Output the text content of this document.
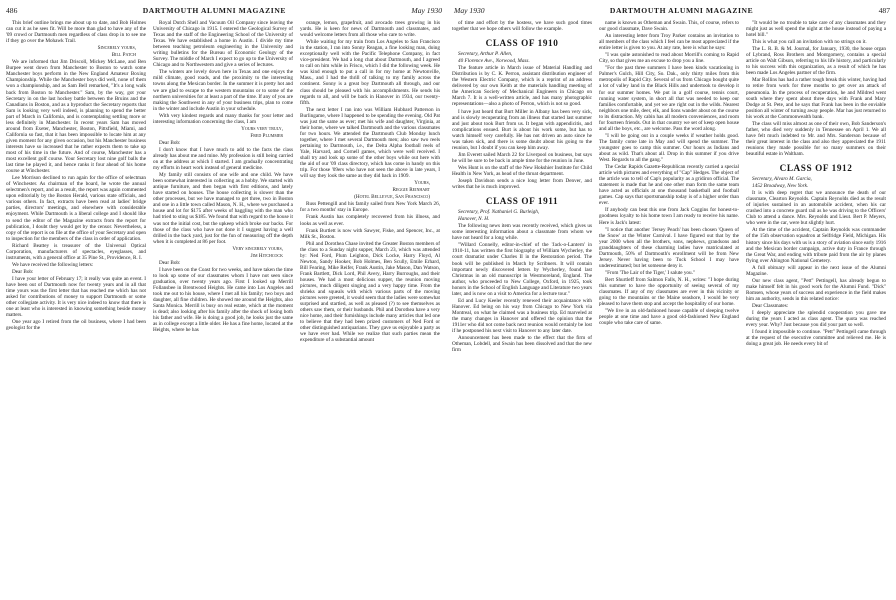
486	DARTMOUTH ALUMNI MAGAZINE	May 1930

This brief outline brings me about up to date, and Bob Holmes can cut it as he sees fit. Will be more than glad to have any of the '09 crowd or Dartmouth men regardless of class drop in to see me if they go over the Mohawk Trail.

Sincerely yours,

Bill Patch

We are informed that Jim Driscoll, Mickey McLane, and Ben Burpee went down from Manchester to Boston to watch some Manchester boys perform in the New England Amateur Boxing Championship. While the Manchester boys did well, none of them won a championship, and as Sam Bell remarked, "It's a long walk back from Boston to Manchester." Sam, by the way, got your Secretary in on the last hockey battle between the Bruins and the Canadians in Boston, and as a byproduct the Secretary reports that Sam is looking very well indeed, is planning to spend the better part of March in California, and is contemplating settling more or less definitely in Manchester. In recent years Sam has moved around from Exeter, Manchester, Boston, Pittsfield, Miami, and California so fast, that it has been impossible to locate him at any given moment for any given occasion, but his Manchester business interests have so increased that he rather expects them to take up most of his time in the future. And of course, Manchester has a most excellent golf course. Your Secretary lost nine golf balls the last time he played it, and hence ranks it four ahead of his home course at Winchester.

Lee Morrison declined to run again for the office of selectman of Winchester. As chairman of the board, he wrote the annual selectmen's report, and as a result, the report was again commented upon editorially by the Boston Herald, various state officials, and various others. In fact, extracts have been read at ladies' bridge parties, directors' meetings, and elsewhere with considerable enjoyment. While Dartmouth is a liberal college and I should like to send the editor of the Magazine extracts from the report for publication, I doubt they would get by the censor. Nevertheless, a copy of the report is on file at the office of your Secretary and open to inspection for the members of the class in order of application.

Richard Beattey is treasurer of the Universal Optical Corporation, manufacturers of spectacles, eyeglasses, and instruments, with a general office at 35 Pine St., Providence, R. I.

We have received the following letters:

Dear Bob:

I have your letter of February 17; it really was quite an event. I have been out of Dartmouth now for twenty years and in all that time yours was the first letter that has reached me which has not asked for contributions of money to support Dartmouth or some other collegiate activity. It is very nice indeed to know that there is one at least who is interested in knowing something beside money matters.

One year ago I retired from the oil business, where I had been geologist for the

Royal Dutch Shell and Vacuum Oil Company since leaving the University of Chicago in 1915. I entered the Geological Survey of Texas and the staff of the Engineering School of the University of Texas. We have established a home in Austin. I divide my time between teaching petroleum engineering in the University and writing bulletins for the Bureau of Economic Geology of the Survey. The middle of March I expect to go up to the University of Chicago and to Northwestern and give a series of lectures.

The winters are lovely down here in Texas and one enjoys the mild climate, good roads, and the proximity to the interesting towns along the Mexican border. In the summer it is pretty hot and we are glad to escape to the western mountains or to some of the northern universities for at least a part of the time. If any of you are making the Southwest in any of your business trips, plan to come in the winter and include Austin in your schedule.

With very kindest regards and many thanks for your letter and interesting information concerning the class, I am

Yours very truly,

Fred Plummer

Dear Bob:

I don't know that I have much to add to the facts the class already has about me and mine. My profession is still being carried on at the address at which I started. I am gradually concentrating my efforts in heart work instead of general medicine.

My family still consists of one wife and one child. We have been somewhat interested in collecting as a hobby. We started with antique furniture, and then began with first editions, and lately have started on houses. The house collecting is slower than the other processes, but we have managed to get three, two in Boston and one in a little town called Mason, N. H., where we purchased a house and lot for $175 after weeks of haggling with the man who had tried to sting us $185. We found that with regard to the house it was not the initial cost, but the upkeep which broke our backs. For those of the class who have not done it I suggest having a well drilled in the back yard, just for the fun of measuring off the depth when it is completed at 86 per foot.

Very sincerely yours,

Jim Hitchcock

Dear Bob:

I have been on the Coast for two weeks, and have taken the time to look up some of our classmates whom I have not seen since graduation, over twenty years ago. First I looked up Merrill Follansbee in Brentwood Heights. He came into Los Angeles and took me out to his house, where I met all his family; two boys and daughter, all fine children. He showed me around the Heights, also Santa Monica. Merrill is busy on real estate, which at the moment is dead; also looking after his family after the shock of losing both his father and wife. He is doing a good job, he looks just the same as in college except a little older. He has a fine home, located at the Heights, where he has

orange, lemon, grapefruit, and avocado trees growing in his yards. He is keen for news of Dartmouth and classmates, and would welcome letters from all those who care to write.

While waiting for my train from Los Angeles to San Francisco in the station, I ran into Sonny Reagan, a fine looking man, doing exceptionally well with the Pacific Telephone Company, in fact vice-president. We had a long chat about Dartmouth, and I agreed to call on him while in Frisco, which I did the following week. He was kind enough to put a call in for my home at Newtonville, Mass., and I had the thrill of talking to my family across the continent. Sonny is a great boy Dartmouth all through, and our class should be pleased with his accomplishments. He sends his regards to all, and will be back in Hanover in 1934, our twenty-fifth.

The next letter I ran into was William Hubbard Patterson in Burlingame, where I happened to be spending the evening. Old Pat was just the same as ever; met his wife and daughter, Virginia, at their home, where we talked Dartmouth and the various classmates for two hours. We attended the Dartmouth Club Monday lunch together, where I met several Dartmouth men; also saw two reels pertaining to Dartmouth, i.e., the Delta Alpha football reels of Yale, Harvard, and Cornell games, which were well received. I shall try and look up some of the other boys while out here with the aid of our '09 class directory, which has come in handy on this trip. For those '09ers who have not seen the above in late years, I will say they look the same as they did back in 1909.

Yours,

Reggie Reinhart

(Hotel Bellevue, San Francisco)

Russ Pettengill and his family sailed from New York March 26, for a two months' stay in Europe.

Frank Austin has completely recovered from his illness, and looks as well as ever.

Frank Burtlett is now with Sawyer, Fiske, and Spencer, Inc., at Milk St., Boston.

Phil and Dorothea Chase invited the Greater Boston members of the class to a Sunday night supper, March 23, which was attended by: Ned Ford, Plum Leighton, Dick Locke, Harry Floyd, Al Newton, Sandy Hooker, Bob Holmes, Ben Scully, Emile Erhard, Bill Fearing, Mike Reifer, Frank Austin, Jake Mason, Dan Watson, Frank Bartlett, Dick Lord, Phil Avery, Harry Burroughs, and their houses. We had a most delicious supper, the reunion moving pictures, much diligent singing and a very happy time. From the shrieks and squeals with which various parts of the moving pictures were greeted, it would seem that the ladies were somewhat surprised and startled, as well as pleased (?) to see themselves as others saw them, or their husbands. Phil and Dorothea have a very nice home, and their furnishings include many articles that led one to believe that they had been prized customers of Ned Ford or other distinguished antiquarians. They gave us enjoyable a party as we have ever had. While we realize that such parties mean the expenditure of a substantial amount

May 1930	DARTMOUTH ALUMNI MAGAZINE	487

of time and effort by the hostess, we have such good times together that we hope others will follow the example.

CLASS OF 1910

Secretary, Arthur P. Allen,

40 Florence Ave., Norwood, Mass.

The feature article in March issue of Material Handling and Distribution is by C. K. Perron, assistant distribution engineer of the Western Electric Company, which is a reprint of an address delivered by our own Keith at the materials handling meeting of the American Society of Mechanical Engineers in Chicago on March 7. It is a well-written article, and has many photographic representations—also a photo of Perron, which is not so good.

I have just heard that Burt Miller in Albany has been very sick, and is slowly recuperating from an illness that started last summer and just about took Burt from us. It began with appendicitis, and complications ensued. Burt is about his work some, but has to watch himself very carefully. He has not driven an auto since he was taken sick, and there is some doubt about his going to the reunion, but I doubt if you can keep him away.

Jim Everett sailed March 22 for Liverpool on business, but says he will be sure to be back in ample time for the reunion in June.

Wes Hunt is on the staff of the New Hokshier Institute for Child Health in New York, as head of the throat department.

Joseph Davidson sends a nice long letter from Denver, and writes that he is much improved.

CLASS OF 1911

Secretary, Prof. Nathaniel G. Burleigh,

Hanover, N. H.

The following news item was recently received, which gives us some interesting information about a classmate from whom we have not heard for a long while.

"Willard Connelly, editor-in-chief of the 'Jack-o-Lantern' in 1910-11, has written the first biography of William Wycherley, the court dramatist under Charles II in the Restoration period. The book will be published in March by Scribners. It will contain important newly discovered letters by Wycherley, found last Christmas in an old manuscript in Westmoreland, England. The author, who proceeded to New College, Oxford, in 1925, took honors in the School of English Language and Literature two years later, and is now on a visit to America for a lecture tour."

Ed and Lucy Keeler recently renewed their acquaintance with Hanover. Ed being on his way from Chicago to New York via Montreal, on what he claimed was a business trip. Ed marveled at the many changes in Hanover and offered the opinion that the 1911er who did not come back next reunion would certainly be lost if he postponed his next visit to Hanover to any later date.

Announcement has been made to the effect that the firm of Otheman, Lobdell, and Swain has been dissolved and that the new firm

name is known as Otheman and Swain. This, of course, refers to our good classmate, Dave Swain.

An interesting letter from Troy Parker contains an invitation to all members of the class which I feel can be most appreciated if the entire letter is given to you. At any rate, here is what he says:

"I was quite astonished to read about Morrill's coming to Rapid City, so that gives me an excuse to drop you a line.

"For the past three summers I have been kinds vacationing in Palmer's Gulch, Hill City, So. Dak., only thirty miles from this metropolis of Rapid City. Several of us from Chicago bought quite a lot of valley land in the Black Hills and undertook to develop it for our summer homes. We put in a golf course, tennis court, running water system, in short all that was needed to keep our families comfortable, and yet we are right out in the wilds. Nearest neighbors one mile, deer, elk, and lions wander about on the course to its distraction. My cabin has all modern conveniences, and room for fourteen friends. Out in that country we set of keep open house and all the boys, etc., are welcome. Pass the word along.

"I will be going out in a couple weeks if weather holds good. The family come late in May and will spend the summer. The youngster goes to camp this summer. Our hours as Indians and about as wild. That's about all. Drop in this summer if you drive West. Regards to all the gang."

The Cedar Rapids Gazette-Republican recently carried a special article with pictures and everything of "Cap" Hedges. The object of the article was to tell of Cap's popularity as a gridiron official. The statement is made that he and one other man form the same team have acted as officials at one thousand basketball and football games. Cap says that sportsmanship today is of a higher order than ever.

If anybody can beat this one from Jack Coggins for honest-to-goodness loyalty to his home town I am ready to receive his name. Here is Jack's latest:

"I notice that another 'Jersey Peach' has been chosen 'Queen of the Snow' at the Winter Carnival. I have figured out that by the year 2000 when all the brothers, sons, nephews, grandsons and granddaughters of these charming ladies have matriculated at Dartmouth, 50% of Dartmouth's enrollment will be from New Jersey. Never having been to Tuck School I may have underestimated; but let someone deny it.

"From 'The Lair of the Tiger,' I salute you."

Bert Shurtleff from Salmon Falls, N. H., writes: "I hope during this summer to have the opportunity of seeing several of my classmates. If any of my classmates are ever in this vicinity or going to the mountains or the Maine seashore, I would be very pleased to have them stop and accept the hospitality of our home.

"We live in an old-fashioned house capable of sleeping twelve people at one time and have a good old-fashioned New England couple who take care of same.

"It would be no trouble to take care of any classmates and they might just as well spend the night at the house instead of paying a hotel bill."

This is what you call an invitation with no strings on it.

The L. R. B. & M. Journal, for January, 1930, the house organ of Lybrand, Ross Brothers and Montgomery, contains a special article on Walt Gibson, referring to his life history, and particularly to his success with this organization, as a result of which he has been made Los Angeles partner of the firm.

Mar Rollins has had a rather tough break this winter, having had to retire from work for three months to get over an attack of pneumonia. In the process of recuperation, he and Mildred went south where they spent about three days with Frank and Mary Dodge at St. Pete, and he says that Frank has been in the enviable position all winter of turning away people. Mar has just returned to his work at the Commonwealth bank.

The class will miss almost as one of their own, Bob Sanderson's father, who died very suddenly in Tennessee on April 1. We all have felt much indebted to Mr. and Mrs. Sanderson because of their great interest in the class and also they appreciated the 1911 reunions they made possible for so many summers on their beautiful estate in Waltham.

CLASS OF 1912

Secretary, Alvaro M. Garcia,

1452 Broadway, New York.

It is with deep regret that we announce the death of our classmate, Clearton Reynolds. Captain Reynolds died as the result of injuries sustained in an automobile accident, when his car crashed into a concrete guard rail as he was driving to the Officers' Club to attend a dance. Mrs. Reynolds and Lieut. Bert P. Meyers, who were in the car, were but slightly hurt.

At the time of the accident, Captain Reynolds was commander of the 15th observation squadron at Selfridge Field, Michigan. His history since his days with us is a story of aviation since early 1916 and the Mexican border campaign, active duty in France through the Great War, and ending with tribute paid from the air by planes flying over Abington National Cemetery.

A full obituary will appear in the next issue of the Alumni Magazine.

Our new class agent, "Pett" Pettingell, has already begun to make himself felt in his good work for the Alumni Fund. "Dick" Romsen, whose years of success and experience in the field makes him an authority, sends in this related notice:

Dear Classmates:

I deeply appreciate the splendid cooperation you gave me during the years I acted as class agent. The quota was reached every year. Why? Just because you did your part so well.

I found it impossible to continue. "Pett" Pettingell came through at the request of the executive committee and relieved me. He is doing a great job. He needs every bit of
